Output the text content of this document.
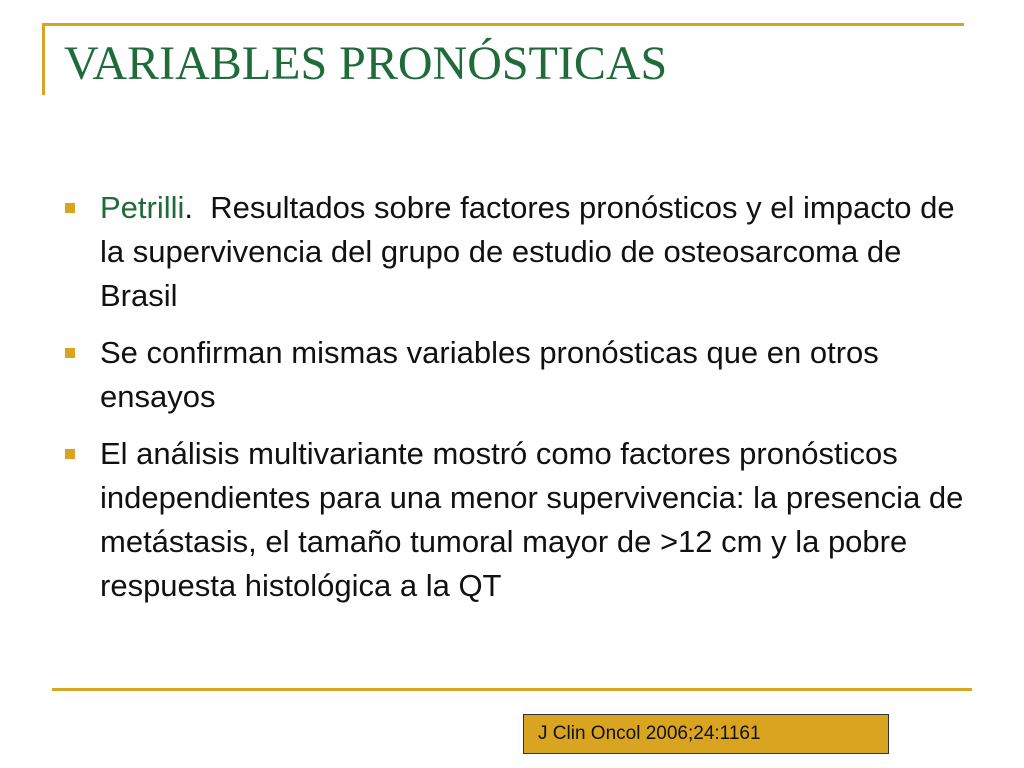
VARIABLES PRONÓSTICAS
Petrilli.  Resultados sobre factores pronósticos y el impacto de la supervivencia del grupo de estudio de osteosarcoma de Brasil
Se confirman mismas variables pronósticas que en otros ensayos
El análisis multivariante mostró como factores pronósticos independientes para una menor supervivencia: la presencia de metástasis, el tamaño tumoral mayor de >12 cm y la pobre respuesta histológica a la QT
J Clin Oncol 2006;24:1161
